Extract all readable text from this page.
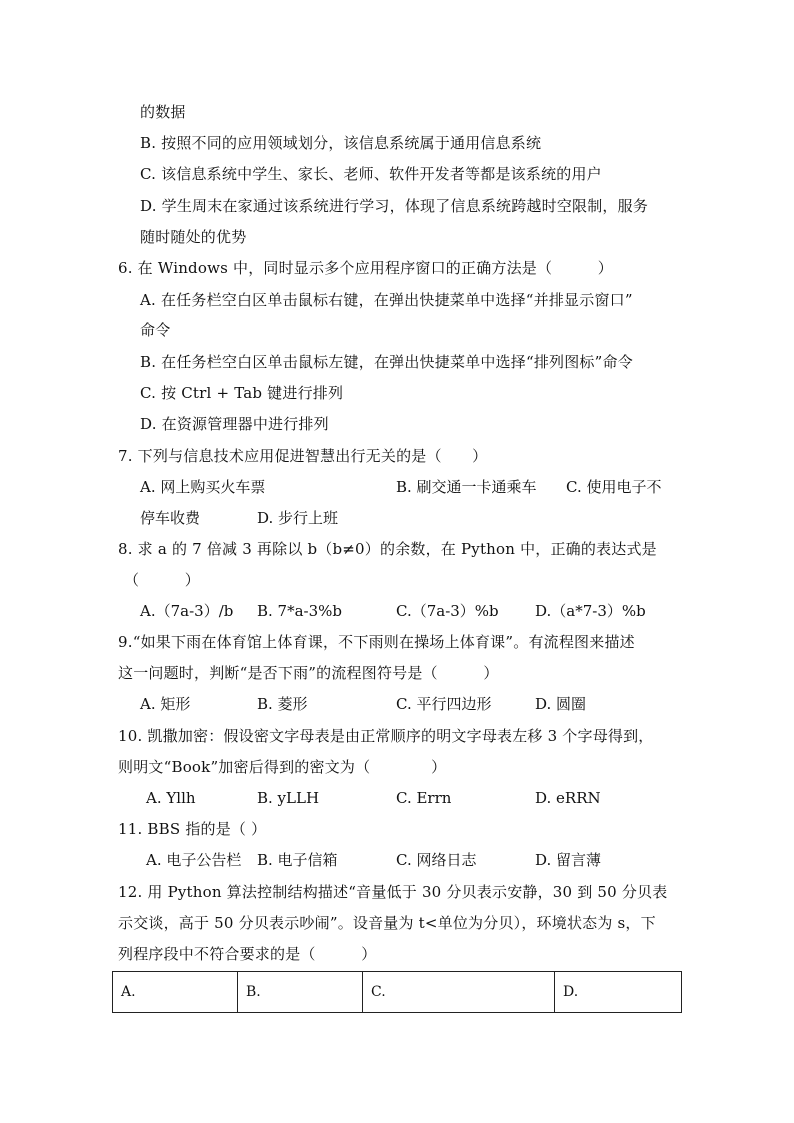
的数据
B. 按照不同的应用领域划分，该信息系统属于通用信息系统
C. 该信息系统中学生、家长、老师、软件开发者等都是该系统的用户
D. 学生周末在家通过该系统进行学习，体现了信息系统跨越时空限制，服务
随时随处的优势
6. 在 Windows 中，同时显示多个应用程序窗口的正确方法是（　　　）
A. 在任务栏空白区单击鼠标右键，在弹出快捷菜单中选择“并排显示窗口”
命令
B. 在任务栏空白区单击鼠标左键，在弹出快捷菜单中选择“排列图标”命令
C. 按 Ctrl + Tab 键进行排列
D. 在资源管理器中进行排列
7. 下列与信息技术应用促进智慧出行无关的是（　　）
A. 网上购买火车票	B. 刷交通一卡通乘车 C. 使用电子不
停车收费	D. 步行上班
8. 求 a 的 7 倍减 3 再除以 b（b≠0）的余数，在 Python 中，正确的表达式是
（　　　）
A.（7a-3）/b B. 7*a-3%b	C.（7a-3）%b D.（a*7-3）%b
9.“如果下雨在体育馆上体育课，不下雨则在操场上体育课”。有流程图来描述
这一问题时，判断“是否下雨”的流程图符号是（　　　）
A. 矩形	B. 菱形	C. 平行四边形	D. 圆圈
10. 凯撒加密：假设密文字母表是由正常顺序的明文字母表左移 3 个字母得到，
则明文“Book”加密后得到的密文为（　　　　）
A. Yllh	B. yLLH	C. Errn	D. eRRN
11. BBS 指的是（ ）
A. 电子公告栏 B. 电子信箱	C. 网络日志	D. 留言薄
12. 用 Python 算法控制结构描述“音量低于 30 分贝表示安静，30 到 50 分贝表
示交谈，高于 50 分贝表示吵闹”。设音量为 t<单位为分贝），环境状态为 s，下
列程序段中不符合要求的是（　　　）
A.	B.	C.	D.
